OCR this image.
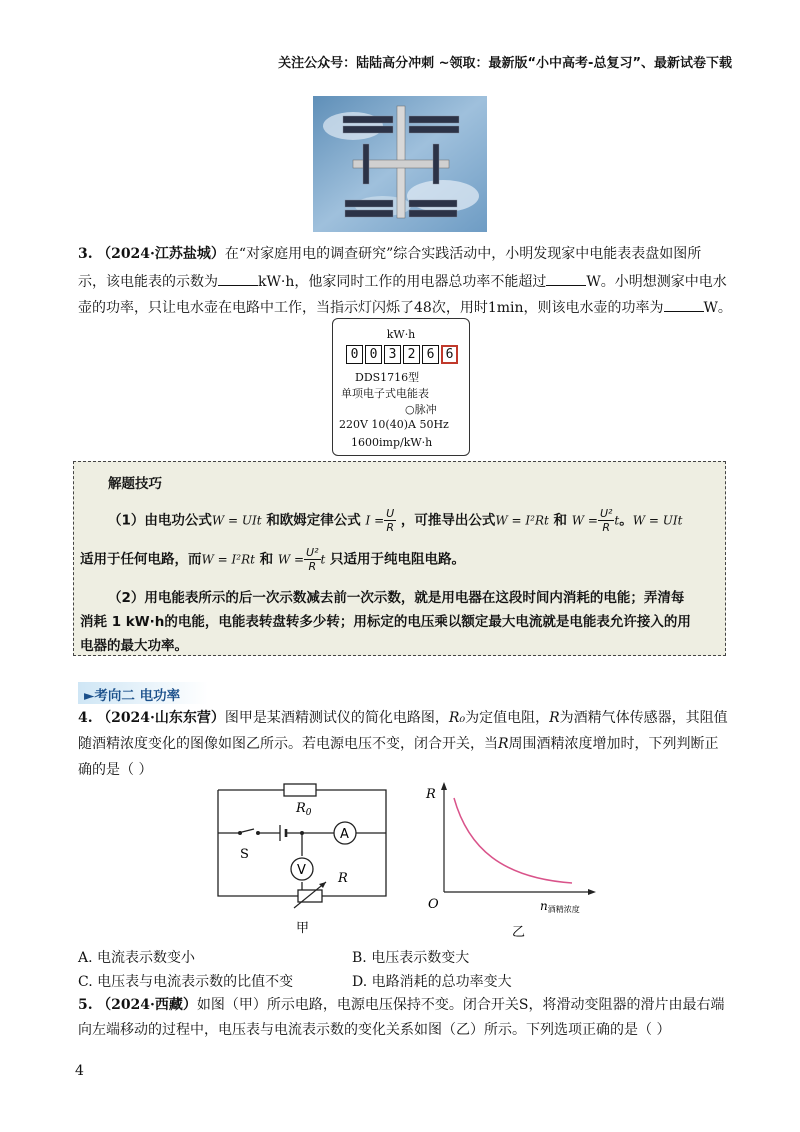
关注公众号：陆陆高分冲刺 ~领取：最新版“小中高考-总复习”、最新试卷下载
3. （2024·江苏盐城）在“对家庭用电的调查研究”综合实践活动中，小明发现家中电能表表盘如图所
示，该电能表的示数为	kW·h，他家同时工作的用电器总功率不能超过	W。小明想测家中电水
壶的功率，只让电水壶在电路中工作，当指示灯闪烁了48次，用时1min，则该电水壶的功率为	W。
kW·h
0 0 3 2 6 6
DDS1716型
单项电子式电能表
○脉冲
220V 10(40)A 50Hz
1600imp/kW·h
解题技巧
（1）由电功公式W = UIt 和欧姆定律公式 $I = \frac{U}{R}$ ，可推导出公式W = I²Rt 和 $W = \frac{\text{U²}}{R}t$。W = UIt
适用于任何电路，而W = I²Rt 和 $W = \frac{\text{U²}}{R}t$ 只适用于纯电阻电路。
（2）用电能表所示的后一次示数减去前一次示数，就是用电器在这段时间内消耗的电能；弄清每
消耗 1 kW·h的电能，电能表转盘转多少转；用标定的电压乘以额定最大电流就是电能表允许接入的用
电器的最大功率。
►考向二 电功率
4. （2024·山东东营）图甲是某酒精测试仪的简化电路图，R₀为定值电阻，R为酒精气体传感器，其阻值
随酒精浓度变化的图像如图乙所示。若电源电压不变，闭合开关，当R周围酒精浓度增加时，下列判断正
确的是（ ）
$R_0$
A
V
S
R
甲
R
O	n酒精浓度
乙
A. 电流表示数变小	B. 电压表示数变大
C. 电压表与电流表示数的比值不变	D. 电路消耗的总功率变大
5. （2024·西藏）如图（甲）所示电路，电源电压保持不变。闭合开关S，将滑动变阻器的滑片由最右端
向左端移动的过程中，电压表与电流表示数的变化关系如图（乙）所示。下列选项正确的是（ ）
4
